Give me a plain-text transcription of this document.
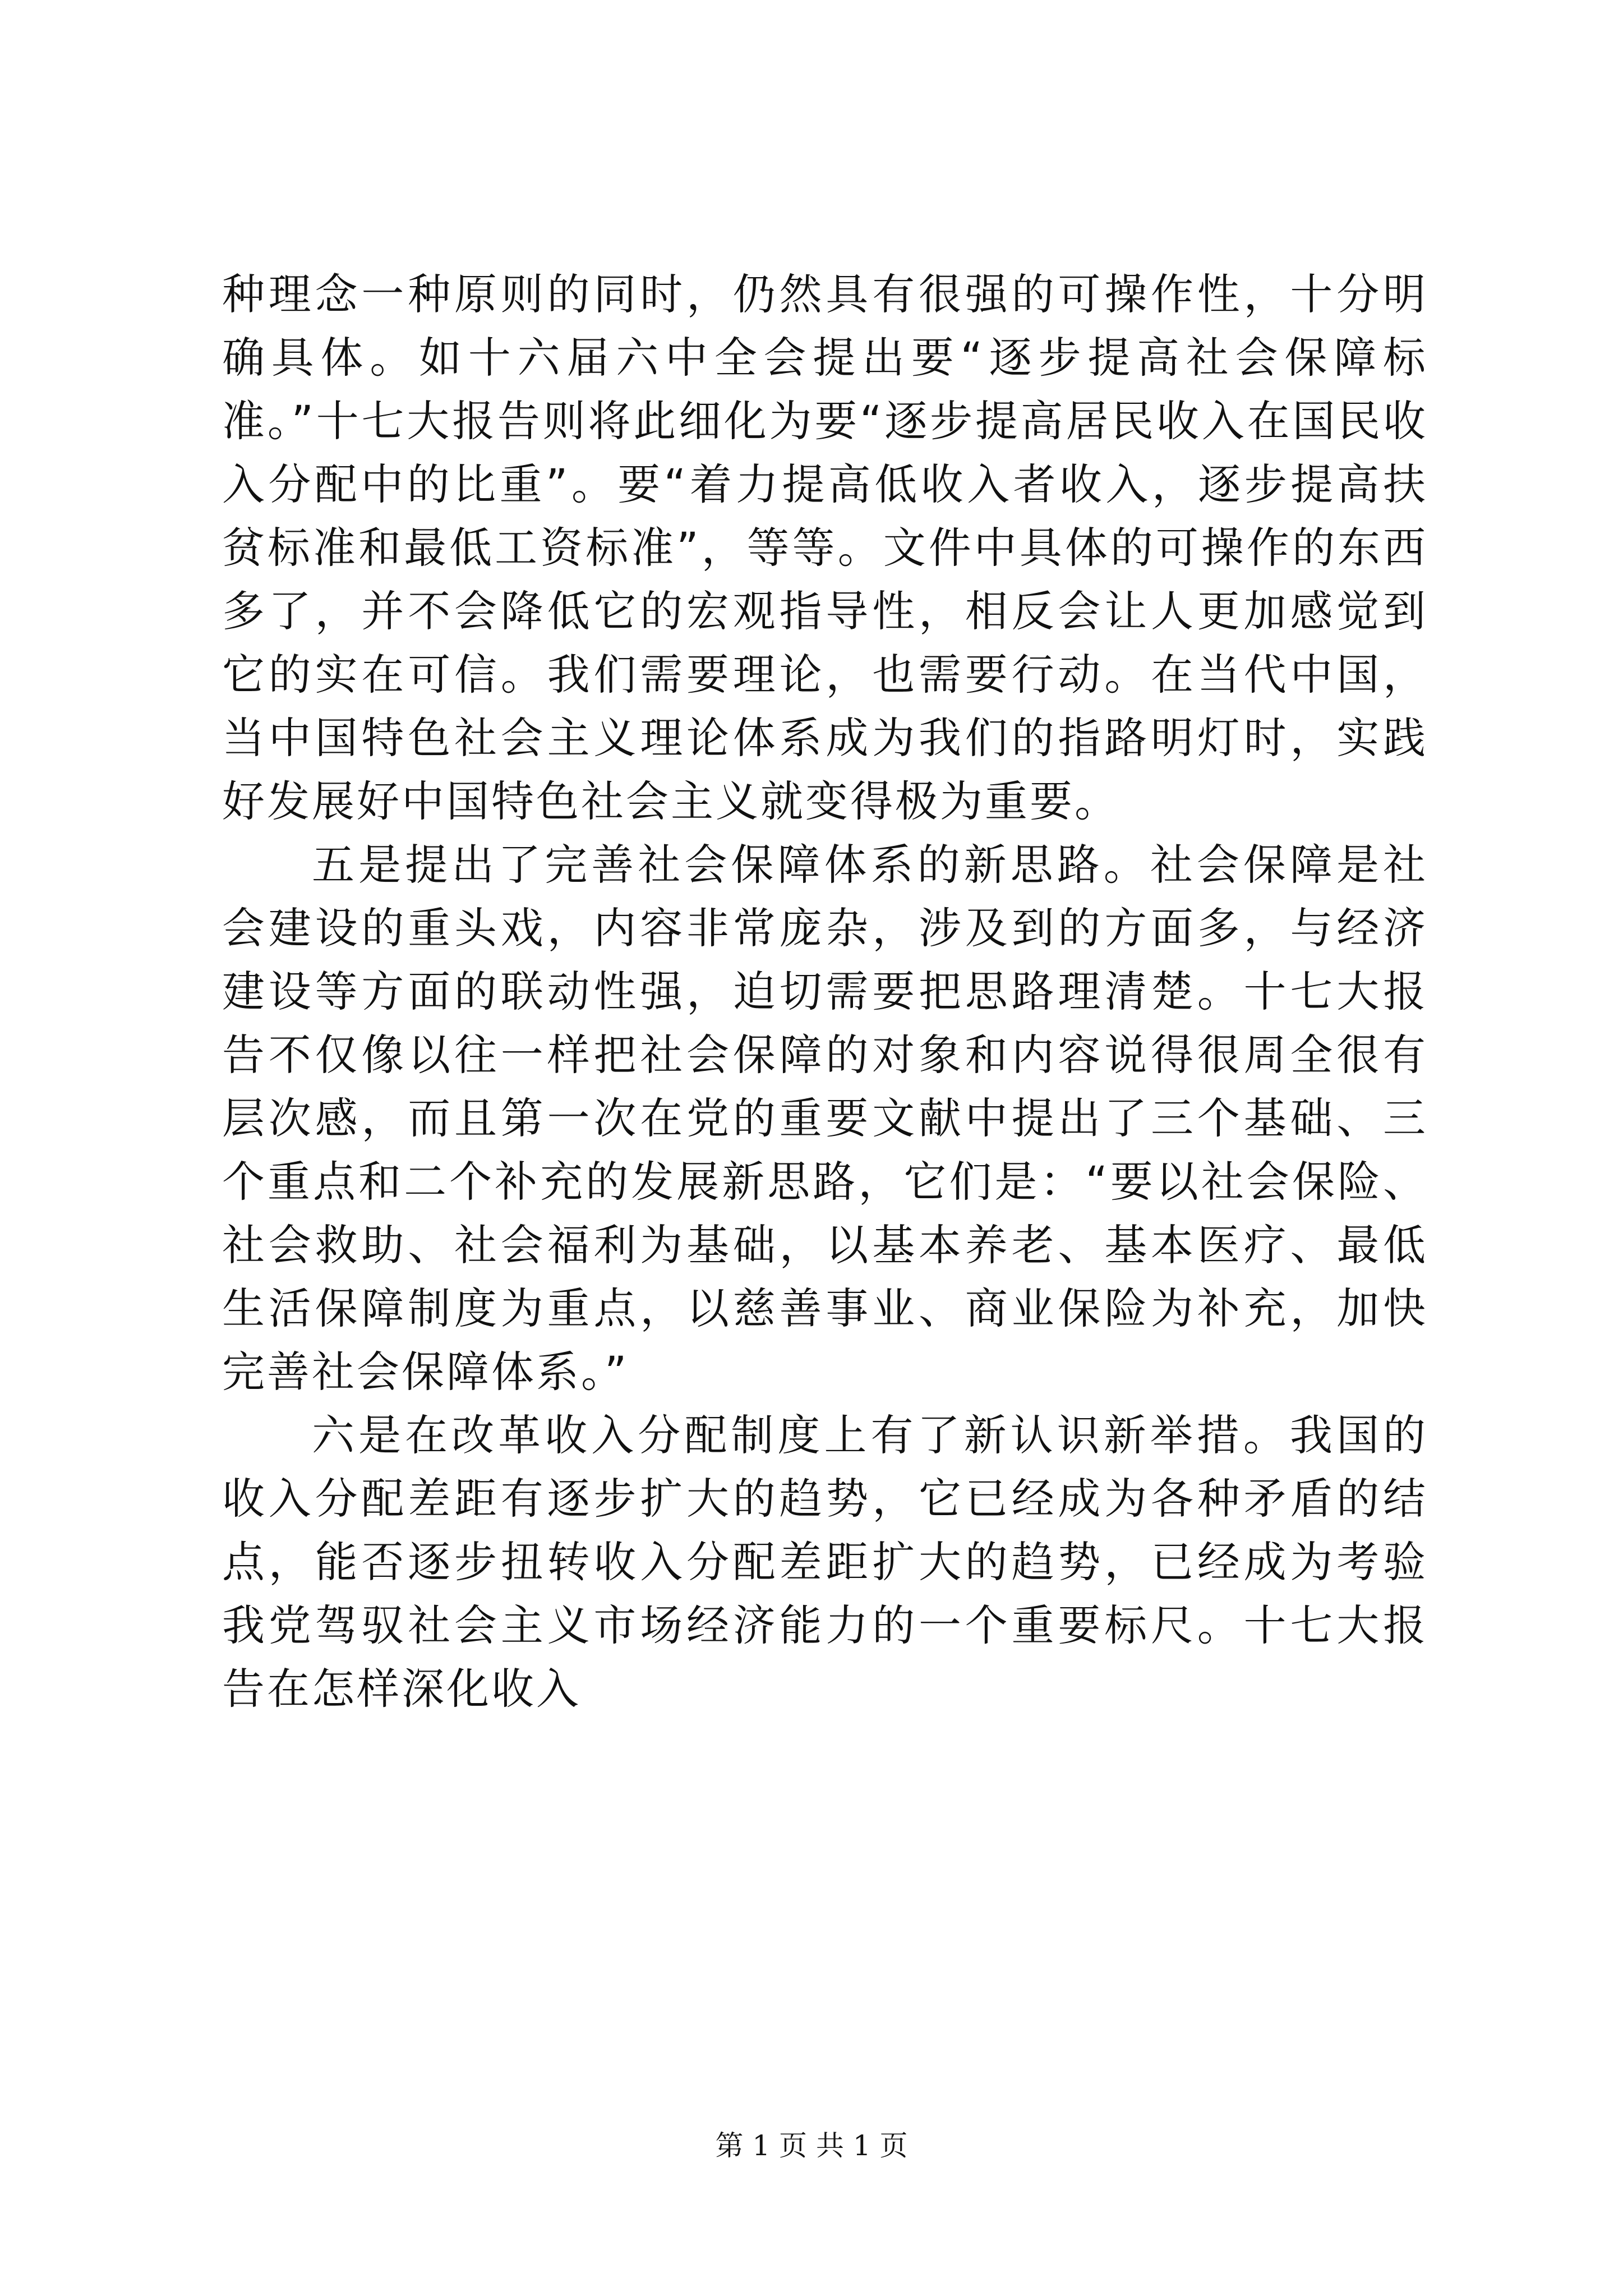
种理念一种原则的同时，仍然具有很强的可操作性，十分明确具体。如十六届六中全会提出要“逐步提高社会保障标准。”十七大报告则将此细化为要“逐步提高居民收入在国民收入分配中的比重”。要“着力提高低收入者收入，逐步提高扶贫标准和最低工资标准”，等等。文件中具体的可操作的东西多了，并不会降低它的宏观指导性，相反会让人更加感觉到它的实在可信。我们需要理论，也需要行动。在当代中国，当中国特色社会主义理论体系成为我们的指路明灯时，实践好发展好中国特色社会主义就变得极为重要。

五是提出了完善社会保障体系的新思路。社会保障是社会建设的重头戏，内容非常庞杂，涉及到的方面多，与经济建设等方面的联动性强，迫切需要把思路理清楚。十七大报告不仅像以往一样把社会保障的对象和内容说得很周全很有层次感，而且第一次在党的重要文献中提出了三个基础、三个重点和二个补充的发展新思路，它们是：“要以社会保险、社会救助、社会福利为基础，以基本养老、基本医疗、最低生活保障制度为重点，以慈善事业、商业保险为补充，加快完善社会保障体系。”

六是在改革收入分配制度上有了新认识新举措。我国的收入分配差距有逐步扩大的趋势，它已经成为各种矛盾的结点，能否逐步扭转收入分配差距扩大的趋势，已经成为考验我党驾驭社会主义市场经济能力的一个重要标尺。十七大报告在怎样深化收入

第 1 页 共 1 页
